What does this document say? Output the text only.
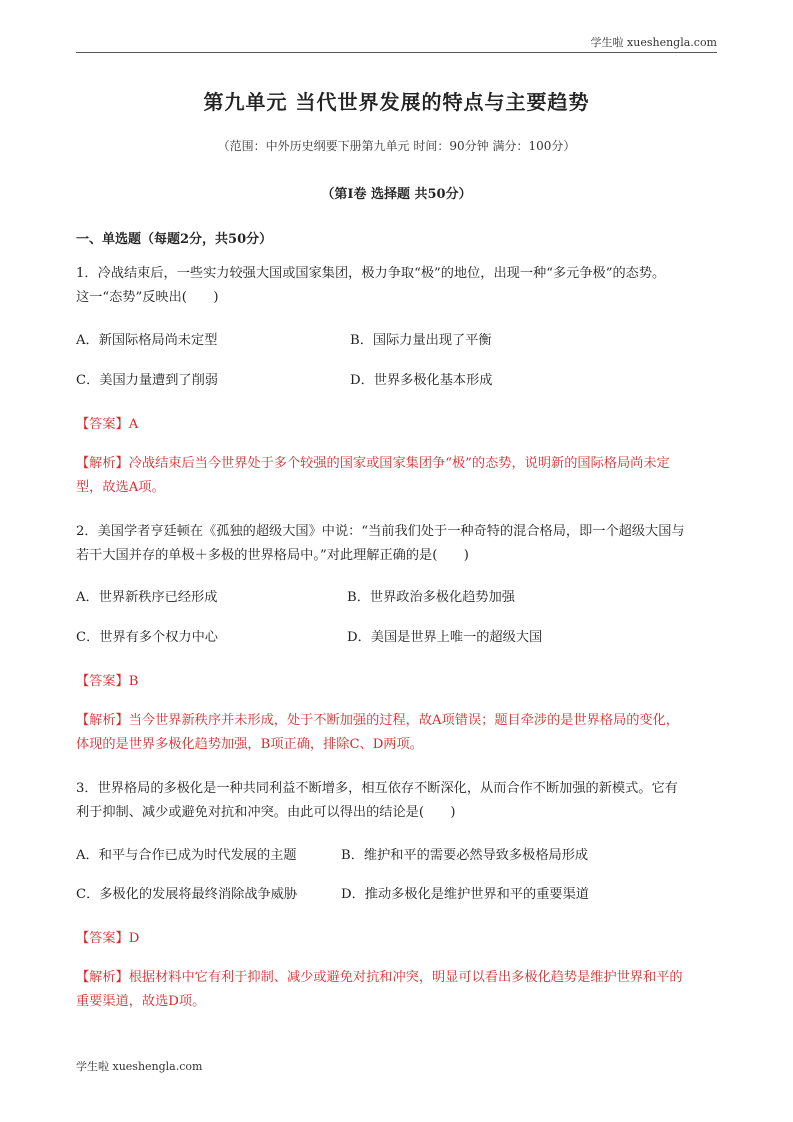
学生啦 xueshengla.com
第九单元 当代世界发展的特点与主要趋势
（范围：中外历史纲要下册第九单元 时间：90分钟 满分：100分）
（第Ⅰ卷 选择题 共50分）
一、单选题（每题2分，共50分）
1．冷战结束后，一些实力较强大国或国家集团，极力争取“极”的地位，出现一种“多元争极”的态势。
这一“态势”反映出(　　)
A．新国际格局尚未定型	B．国际力量出现了平衡
C．美国力量遭到了削弱	D．世界多极化基本形成
【答案】A
【解析】冷战结束后当今世界处于多个较强的国家或国家集团争“极”的态势，说明新的国际格局尚未定
型，故选A项。
2．美国学者亨廷顿在《孤独的超级大国》中说：“当前我们处于一种奇特的混合格局，即一个超级大国与
若干大国并存的单极＋多极的世界格局中。”对此理解正确的是(　　)
A．世界新秩序已经形成	B．世界政治多极化趋势加强
C．世界有多个权力中心	D．美国是世界上唯一的超级大国
【答案】B
【解析】当今世界新秩序并未形成，处于不断加强的过程，故A项错误；题目牵涉的是世界格局的变化，
体现的是世界多极化趋势加强，B项正确，排除C、D两项。
3．世界格局的多极化是一种共同利益不断增多，相互依存不断深化，从而合作不断加强的新模式。它有
利于抑制、减少或避免对抗和冲突。由此可以得出的结论是(　　)
A．和平与合作已成为时代发展的主题	B．维护和平的需要必然导致多极格局形成
C．多极化的发展将最终消除战争威胁	D．推动多极化是维护世界和平的重要渠道
【答案】D
【解析】根据材料中它有利于抑制、减少或避免对抗和冲突，明显可以看出多极化趋势是维护世界和平的
重要渠道，故选D项。
学生啦 xueshengla.com
